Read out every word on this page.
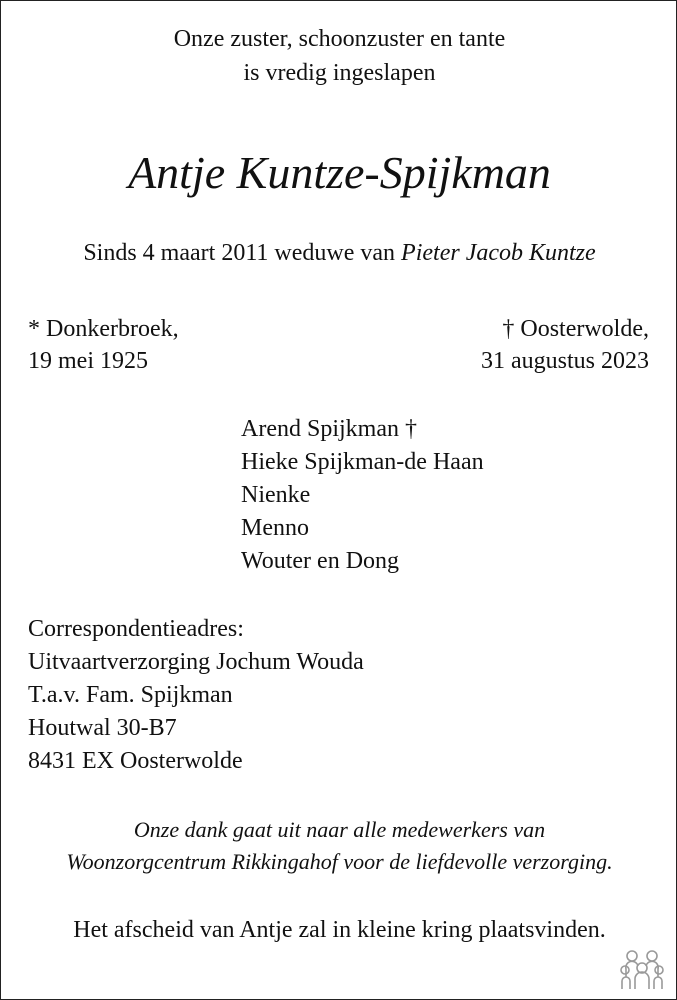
Onze zuster, schoonzuster en tante
is vredig ingeslapen
Antje Kuntze-Spijkman
Sinds 4 maart 2011 weduwe van Pieter Jacob Kuntze
* Donkerbroek,
19 mei 1925
† Oosterwolde,
31 augustus 2023
Arend Spijkman †
Hieke Spijkman-de Haan
Nienke
Menno
Wouter en Dong
Correspondentieadres:
Uitvaartverzorging Jochum Wouda
T.a.v. Fam. Spijkman
Houtwal 30-B7
8431 EX Oosterwolde
Onze dank gaat uit naar alle medewerkers van
Woonzorgcentrum Rikkingahof voor de liefdevolle verzorging.
Het afscheid van Antje zal in kleine kring plaatsvinden.
